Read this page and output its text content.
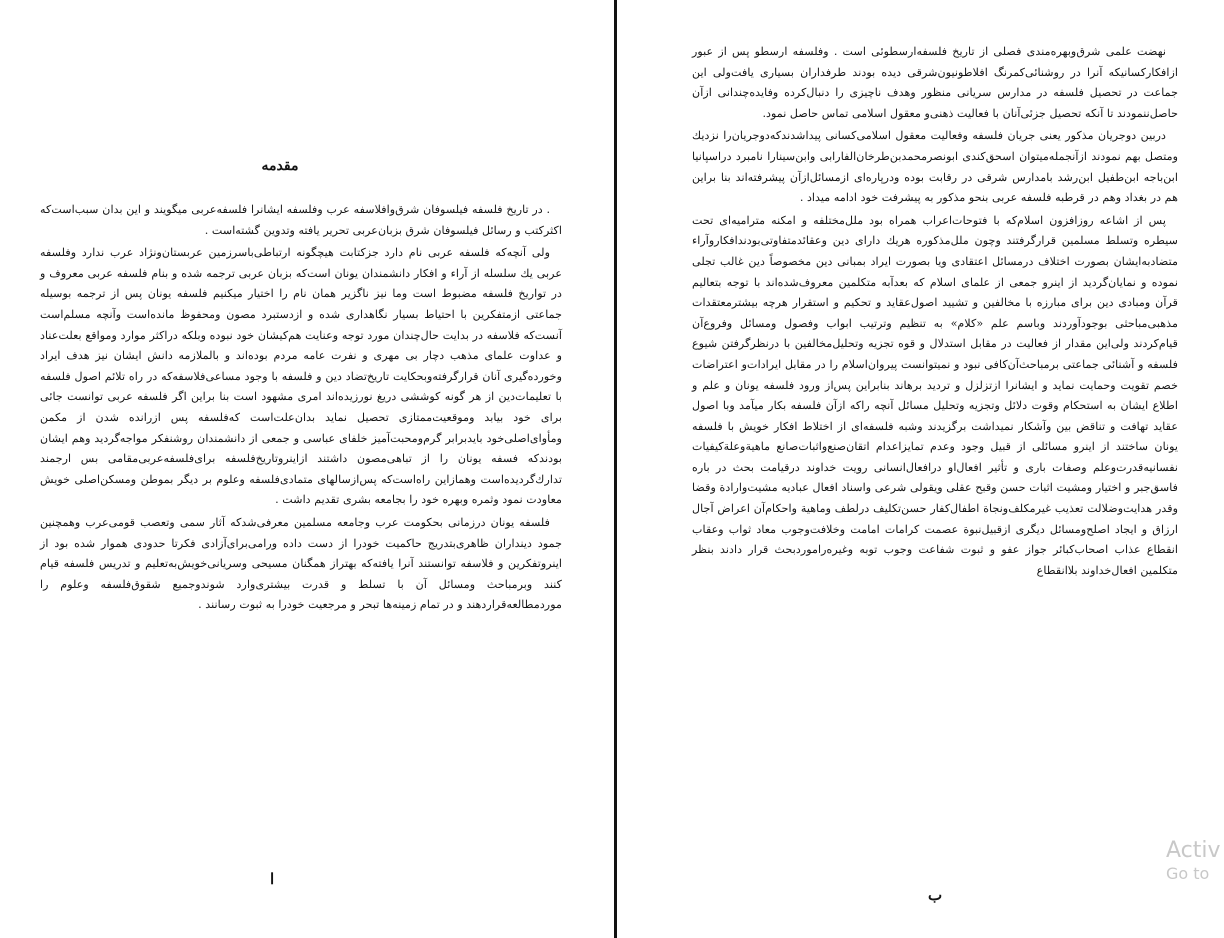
مقدمه

. در تاریخ فلسفه فیلسوفان شرق‌وافلاسفه عرب وفلسفه ایشانرا فلسفه‌عربی میگویند و این بدان سبب‌است‌که اکثرکتب و رسائل فیلسوفان شرق بزبان‌عربی تحریر یافته وتدوین گشته‌است .

ولی آنچه‌که فلسفه عربی نام دارد جزکتابت هیچگونه ارتباطی‌باسرزمین عربستان‌ونژاد عرب ندارد وفلسفه عربی یك سلسله از آراء و افکار دانشمندان یونان است‌که بزبان عربی ترجمه شده و بنام فلسفه عربی معروف و در تواریخ فلسفه مضبوط است وما نیز ناگزیر همان نام را اختیار میکنیم فلسفه یونان پس از ترجمه بوسیله جماعتی ازمتفکرین با احتیاط بسیار نگاهداری شده و ازدستبرد مصون ومحفوظ مانده‌است وآنچه مسلم‌است آنست‌که فلاسفه در بدایت حال‌چندان مورد توجه وعنایت هم‌کیشان خود نبوده وبلکه دراکثر موارد ومواقع بعلت‌عناد و عداوت علمای مذهب دچار بی مهری و نفرت عامه مردم بوده‌اند و بالملازمه دانش ایشان نیز هدف ایراد وخورده‌گیری آنان قرارگرفته‌وبحکایت تاریخ‌تضاد دین و فلسفه با وجود مساعی‌فلاسفه‌که در راه تلائم اصول فلسفه با تعلیمات‌دین از هر گونه کوششی دریغ نورزیده‌اند امری مشهود است بنا براین اگر فلسفه عربی توانست جائی برای خود بیابد وموقعیت‌ممتازی تحصیل نماید بدان‌علت‌است که‌فلسفه پس ازرانده شدن از مکمن ومأوای‌اصلی‌خود بایدبرابر گرم‌ومحبت‌آمیز خلفای عباسی و جمعی از دانشمندان روشنفکر مواجه‌گردید وهم ایشان بودندکه فسفه یونان را از تباهی‌مصون داشتند ازاینروتاریخ‌فلسفه برای‌فلسفه‌عربی‌مقامی بس ارجمند تدارك‌گردیده‌است وهمازاین راه‌است‌که پس‌ازسالهای متمادی‌فلسفه وعلوم بر دیگر بموطن ومسکن‌اصلی خویش معاودت نمود وثمره وبهره خود را بجامعه بشری تقدیم داشت .

فلسفه یونان درزمانی بحکومت عرب وجامعه مسلمین معرفی‌شدکه آثار سمی وتعصب قومی‌عرب وهمچنین جمود دینداران ظاهری‌بتدریج حاکمیت خودرا از دست داده ورامی‌برای‌آزادی فکرتا حدودی هموار شده بود از اینروتفکرین و فلاسفه توانستند آنرا یافته‌که بهتراز همگنان مسیحی وسریانی‌خویش‌به‌تعلیم و تدریس فلسفه قیام کنند وبرمباحث ومسائل آن با تسلط و قدرت بیشتری‌وارد شوندوجمیع شقوق‌فلسفه وعلوم را موردمطالعه‌قراردهند و در تمام زمینه‌ها تبحر و مرجعیت خودرا به ثبوت رسانند .

ا

نهضت علمی شرق‌وبهره‌مندی فصلی از تاریخ فلسفه‌ارسطوئی است . وفلسفه ارسطو پس از عبور ازافکارکسانیکه آنرا در روشنائی‌کمرنگ افلاطونیون‌شرقی دیده بودند طرفداران بسیاری یافت‌ولی این جماعت در تحصیل فلسفه در مدارس سریانی منظور وهدف ناچیزی را دنبال‌کرده وفایده‌چندانی ازآن حاصل‌ننمودند تا آنکه تحصیل جزئی‌آنان با فعالیت ذهنی‌و معقول اسلامی تماس حاصل نمود.

دربین دوجریان مذکور یعنی جریان فلسفه وفعالیت معقول اسلامی‌کسانی پیداشدندکه‌دوجریان‌را نزدیك ومتصل بهم نمودند ازآنجمله‌میتوان اسحق‌کندی ابونصرمحمدبن‌طرخان‌الفارابی وابن‌سینارا نامبرد دراسپانیا ابن‌باجه ابن‌طفیل ابن‌رشد بامدارس شرقی در رقابت بوده ودرپاره‌ای ازمسائل‌ازآن پیشرفته‌اند بنا براین هم در بغداد وهم در قرطبه فلسفه عربی بنحو مذکور به پیشرفت خود ادامه میداد .

پس از اشاعه روزافزون اسلام‌که با فتوحات‌اعراب همراه بود ملل‌مختلفه و امکنه متراميه‌ای تحت سیطره وتسلط مسلمین قرارگرفتند وچون ملل‌مذکوره هریك دارای دین وعقائدمتفاوتی‌بودند‌افکاروآراء متضاد‌به‌ایشان بصورت اختلاف درمسائل اعتقادی ویا بصورت ایراد بمبانی دین مخصوصاً دین غالب تجلی نموده و نمایان‌گردید از اینرو جمعی از علمای اسلام که بعدآبه متکلمین معروف‌شده‌اند با توجه بتعالیم قرآن ومبادی دین برای مبارزه با مخالفین و تشیید اصول‌عقاید و تحکیم و استقرار هرچه بیشتر‌معتقدات مذهبی‌مباحثی بوجودآوردند وباسم علم «کلام» به تنظیم وترتیب ابواب وفصول ومسائل وفروع‌آن قیام‌کردند ولی‌این مقدار از فعالیت در مقابل استدلال و قوه تجزیه وتحلیل‌مخالفین با درنظرگرفتن شیوع فلسفه و آشنائی جماعتی برمباحث‌آن‌کافی نبود و نمیتوانست پیروان‌اسلام را در مقابل ایرادات‌و اعتراضات خصم تقویت وحمایت نماید و ایشانرا ازتزلزل و تردید برهاند بنابراین پس‌از ورود فلسفه یونان و علم و اطلاع ایشان به استحکام وقوت دلائل وتجزیه وتحلیل مسائل آنچه راکه ازآن فلسفه بکار میآمد وبا اصول عقاید تهافت و تناقض بین وآشکار نمیداشت برگزیدند وشبه فلسفه‌ای از اختلاط افکار خویش با فلسفه یونان ساختند از اینرو مسائلی از قبیل وجود وعدم تمایزاعدام اتقان‌صنع‌واثبات‌صانع ماهیة‌وعلة‌کیفیات نفسانیه‌قدرت‌وعلم وصفات باری و تأثیر افعال‌او درافعال‌انسانی رویت خداوند درقیامت بحث در باره فاسق‌جبر و اختیار ومشیت اثبات حسن وقبح عقلی ویقولی شرعی واسناد افعال عبادیه مشیت‌وارادة وقضا وقدر هدایت‌وضلالت تعذیب غیرمکلف‌ونجاة اطفال‌کفار حسن‌تکلیف درلطف وماهیة واحکام‌آن اعراض آجال ارزاق و ایجاد اصلح‌ومسائل دیگری ازقبیل‌نبوة عصمت کرامات امامت وخلافت‌وجوب معاد ثواب وعقاب انقطاع عذاب اصحاب‌کبائر جواز عفو و ثبوت شفاعت وجوب توبه وغیره‌راموردبحث قرار دادند بنظر متکلمین افعال‌خداوند بلاانقطاع

ب
Activ
Go to
